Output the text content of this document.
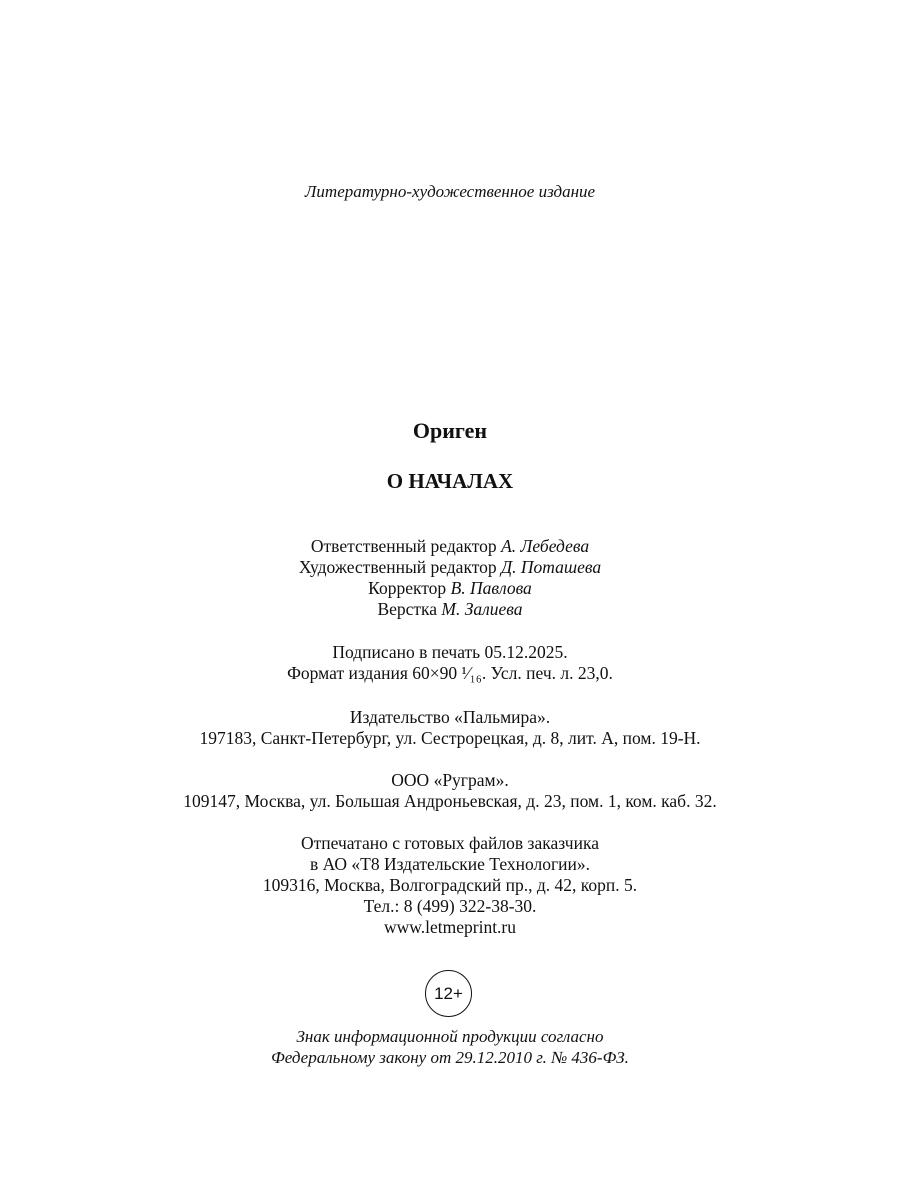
Литературно-художественное издание
Ориген
О НАЧАЛАХ
Ответственный редактор А. Лебедева
Художественный редактор Д. Поташева
Корректор В. Павлова
Верстка М. Залиева
Подписано в печать 05.12.2025.
Формат издания 60×90 ¹⁄₁₆. Усл. печ. л. 23,0.
Издательство «Пальмира».
197183, Санкт-Петербург, ул. Сестрорецкая, д. 8, лит. А, пом. 19-Н.
ООО «Руграм».
109147, Москва, ул. Большая Андроньевская, д. 23, пом. 1, ком. каб. 32.
Отпечатано с готовых файлов заказчика
в АО «Т8 Издательские Технологии».
109316, Москва, Волгоградский пр., д. 42, корп. 5.
Тел.: 8 (499) 322-38-30.
www.letmeprint.ru
12+
Знак информационной продукции согласно
Федеральному закону от 29.12.2010 г. № 436-ФЗ.
